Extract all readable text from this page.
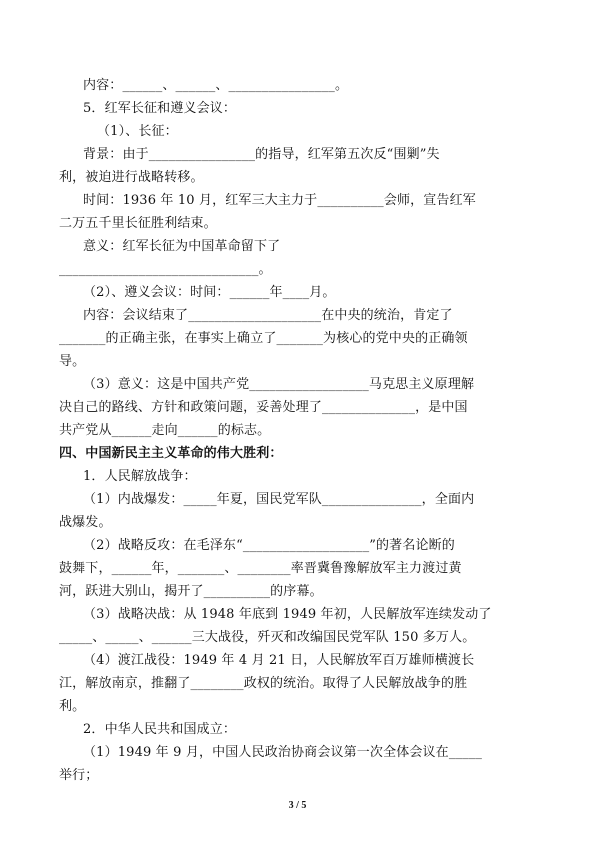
内容：______、______、________________。
5．红军长征和遵义会议：
（1）、长征：
背景：由于________________的指导，红军第五次反“围剿”失
利，被迫进行战略转移。
时间：1936 年 10 月，红军三大主力于__________会师，宣告红军
二万五千里长征胜利结束。
意义：红军长征为中国革命留下了
______________________________。
（2）、遵义会议：时间：______年____月。
内容：会议结束了____________________在中央的统治，肯定了
_______的正确主张，在事实上确立了_______为核心的党中央的正确领
导。
（3）意义：这是中国共产党__________________马克思主义原理解
决自己的路线、方针和政策问题，妥善处理了______________，是中国
共产党从______走向______的标志。
四、中国新民主主义革命的伟大胜利：
1．人民解放战争：
（1）内战爆发：_____年夏，国民党军队_______________，全面内
战爆发。
（2）战略反攻：在毛泽东“___________________”的著名论断的
鼓舞下，______年，_______、________率晋冀鲁豫解放军主力渡过黄
河，跃进大别山，揭开了__________的序幕。
（3）战略决战：从 1948 年底到 1949 年初，人民解放军连续发动了
_____、_____、______三大战役，歼灭和改编国民党军队 150 多万人。
（4）渡江战役：1949 年 4 月 21 日，人民解放军百万雄师横渡长
江，解放南京，推翻了________政权的统治。取得了人民解放战争的胜
利。
2．中华人民共和国成立：
（1）1949 年 9 月，中国人民政治协商会议第一次全体会议在_____
举行；
3 / 5
